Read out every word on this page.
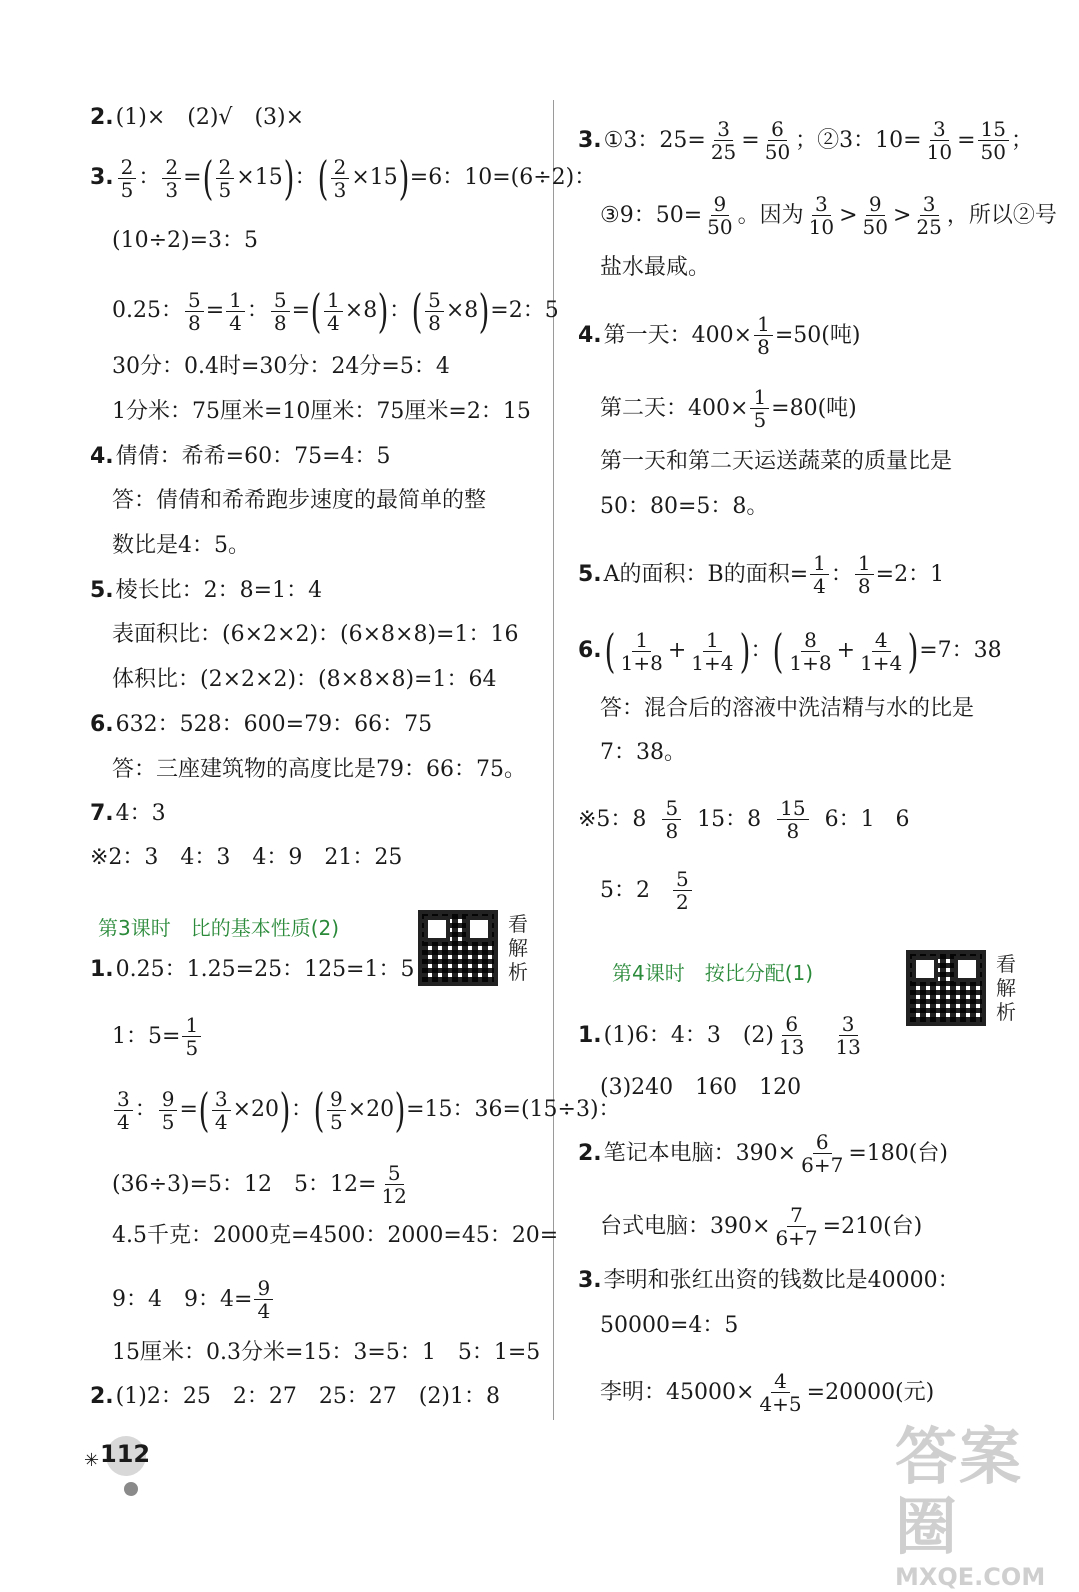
2. (1)×　(2)√　(3)×
3. $\frac{2}{5}$ ： $\frac{2}{3}$ = ( $\frac{2}{5} \times 15$ ) ： ( $\frac{2}{3} \times 15$ ) =6：10=(6÷2)：
(10÷2)=3：5
0.25： $\frac{5}{8} = \frac{1}{4}$ ： $\frac{5}{8}$ = ( $\frac{1}{4} \times 8$ ) ： ( $\frac{5}{8} \times 8$ ) =2：5
30分：0.4时=30分：24分=5：4
1分米：75厘米=10厘米：75厘米=2：15
4. 倩倩：希希=60：75=4：5
答：倩倩和希希跑步速度的最简单的整
数比是4：5。
5. 棱长比：2：8=1：4
表面积比：(6×2×2)：(6×8×8)=1：16
体积比：(2×2×2)：(8×8×8)=1：64
6. 632：528：600=79：66：75
答：三座建筑物的高度比是79：66：75。
7. 4：3
※2：3　4：3　4：9　21：25
第3课时　比的基本性质(2)	看解析
1. 0.25：1.25=25：125=1：5
1：$5= \frac{1}{5}$
$\frac{3}{4}$ ： $\frac{9}{5}$ = ( $\frac{3}{4} \times 20$ ) ： ( $\frac{9}{5} \times 20$ ) =15：36=(15÷3)：
(36÷3)=5：12　5：$12= \frac{5}{12}$
4.5千克：2000克=4500：2000=45：20=
9：4　9：$4= \frac{9}{4}$
15厘米：0.3分米=15：3=5：1　5：1=5
2. (1)2：25　2：27　25：27　(2)1：8
3. ①3：$25= \frac{3}{25} = \frac{6}{50}$ ；②3：$10= \frac{3}{10} = \frac{15}{50}$ ；
③9：$50= \frac{9}{50}$ 。因为 $\frac{3}{10} > \frac{9}{50} > \frac{3}{25}$ ，所以②号
盐水最咸。
4. 第一天：$400\times \frac{1}{8} =50$(吨)
第二天：$400\times \frac{1}{5} =80$(吨)
第一天和第二天运送蔬菜的质量比是
50：80=5：8。
5. A的面积：B的面积= $\frac{1}{4}$ ： $\frac{1}{8} =2$：1
6. ( $\frac{1}{1+8} + \frac{1}{1+4}$ ) ： ( $\frac{8}{1+8} + \frac{4}{1+4}$ ) =7：38
答：混合后的溶液中洗洁精与水的比是
7：38。
※5：8
$\frac{5}{8} 15$：$8 \frac{15}{8} 6$：1   6
5：2
$\frac{5}{2}$
第4课时　按比分配(1)	看解析
1. (1)6：4：3　$(2) \frac{6}{13}$
$\frac{3}{13}$
(3)240　160　120
2. 笔记本电脑：$390\times \frac{6}{6+7} =180$(台)
台式电脑：$390\times \frac{7}{6+7} =210$(台)
3. 李明和张红出资的钱数比是40000：
50000=4：5
李明：$45000\times \frac{4}{4+5} =20000$(元)
✳ 112	答案圈
MXQE.COM
